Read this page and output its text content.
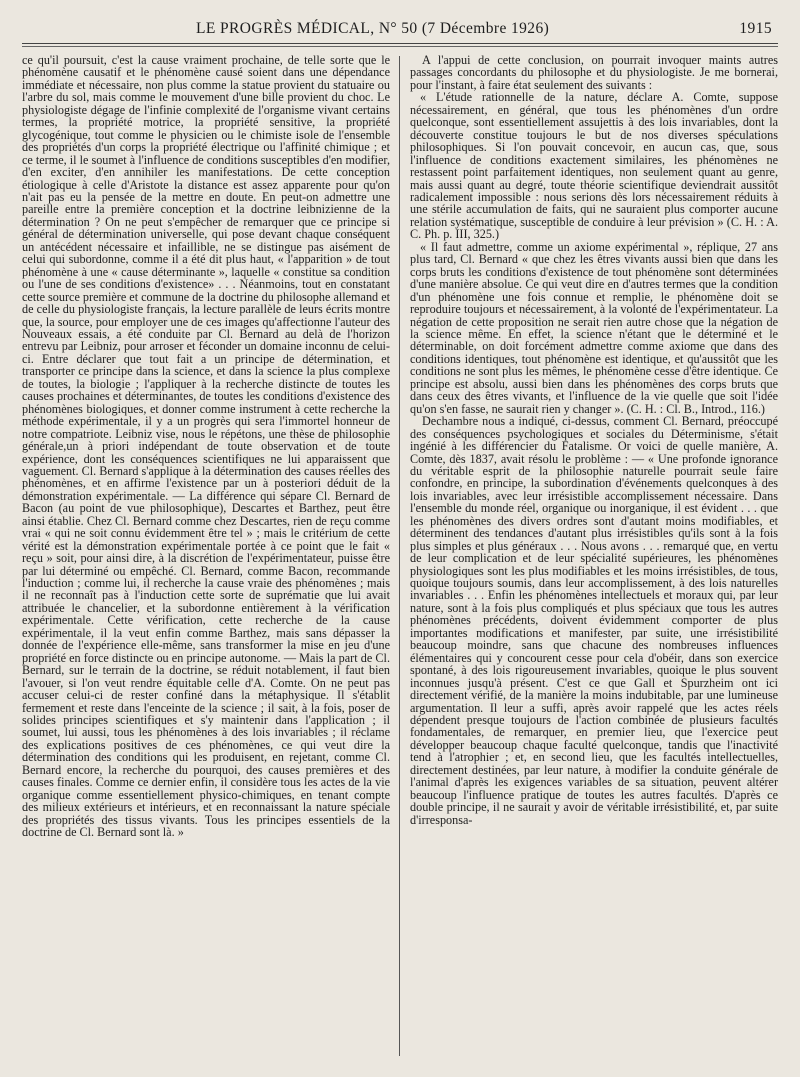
LE PROGRÈS MÉDICAL, N° 50 (7 Décembre 1926)	1915

ce qu'il poursuit, c'est la cause vraiment prochaine, de telle sorte que le phénomène causatif et le phénomène causé soient dans une dépendance immédiate et nécessaire, non plus comme la statue provient du statuaire ou l'arbre du sol, mais comme le mouvement d'une bille provient du choc. Le physiologiste dégage de l'infinie complexité de l'organisme vivant certains termes, la propriété motrice, la propriété sensitive, la propriété glycogénique, tout comme le physicien ou le chimiste isole de l'ensemble des propriétés d'un corps la propriété électrique ou l'affinité chimique ; et ce terme, il le soumet à l'influence de conditions susceptibles d'en modifier, d'en exciter, d'en annihiler les manifestations. De cette conception étiologique à celle d'Aristote la distance est assez apparente pour qu'on n'ait pas eu la pensée de la mettre en doute. En peut-on admettre une pareille entre la première conception et la doctrine leibnizienne de la détermination ? On ne peut s'empêcher de remarquer que ce principe si général de détermination universelle, qui pose devant chaque conséquent un antécédent nécessaire et infaillible, ne se distingue pas aisément de celui qui subordonne, comme il a été dit plus haut, « l'apparition » de tout phénomène à une « cause déterminante », laquelle « constitue sa condition ou l'une de ses conditions d'existence» . . . Néanmoins, tout en constatant cette source première et commune de la doctrine du philosophe allemand et de celle du physiologiste français, la lecture parallèle de leurs écrits montre que, la source, pour employer une de ces images qu'affectionne l'auteur des Nouveaux essais, a été conduite par Cl. Bernard au delà de l'horizon entrevu par Leibniz, pour arroser et féconder un domaine inconnu de celui-ci. Entre déclarer que tout fait a un principe de détermination, et transporter ce principe dans la science, et dans la science la plus complexe de toutes, la biologie ; l'appliquer à la recherche distincte de toutes les causes prochaines et déterminantes, de toutes les conditions d'existence des phénomènes biologiques, et donner comme instrument à cette recherche la méthode expérimentale, il y a un progrès qui sera l'immortel honneur de notre compatriote. Leibniz vise, nous le répétons, une thèse de philosophie générale,un à priori indépendant de toute observation et de toute expérience, dont les conséquences scientifiques ne lui apparaissent que vaguement. Cl. Bernard s'applique à la détermination des causes réelles des phénomènes, et en affirme l'existence par un à posteriori déduit de la démonstration expérimentale. — La différence qui sépare Cl. Bernard de Bacon (au point de vue philosophique), Descartes et Barthez, peut être ainsi établie. Chez Cl. Bernard comme chez Descartes, rien de reçu comme vrai « qui ne soit connu évidemment être tel » ; mais le critérium de cette vérité est la démonstration expérimentale portée à ce point que le fait « reçu » soit, pour ainsi dire, à la discrétion de l'expérimentateur, puisse être par lui déterminé ou empêché. Cl. Bernard, comme Bacon, recommande l'induction ; comme lui, il recherche la cause vraie des phénomènes ; mais il ne reconnaît pas à l'induction cette sorte de suprématie que lui avait attribuée le chancelier, et la subordonne entièrement à la vérification expérimentale. Cette vérification, cette recherche de la cause expérimentale, il la veut enfin comme Barthez, mais sans dépasser la donnée de l'expérience elle-même, sans transformer la mise en jeu d'une propriété en force distincte ou en principe autonome. — Mais la part de Cl. Bernard, sur le terrain de la doctrine, se réduit notablement, il faut bien l'avouer, si l'on veut rendre équitable celle d'A. Comte. On ne peut pas accuser celui-ci de rester confiné dans la métaphysique. Il s'établit fermement et reste dans l'enceinte de la science ; il sait, à la fois, poser de solides principes scientifiques et s'y maintenir dans l'application ; il soumet, lui aussi, tous les phénomènes à des lois invariables ; il réclame des explications positives de ces phénomènes, ce qui veut dire la détermination des conditions qui les produisent, en rejetant, comme Cl. Bernard encore, la recherche du pourquoi, des causes premières et des causes finales. Comme ce dernier enfin, il considère tous les actes de la vie organique comme essentiellement physico-chimiques, en tenant compte des milieux extérieurs et intérieurs, et en reconnaissant la nature spéciale des propriétés des tissus vivants. Tous les principes essentiels de la doctrine de Cl. Bernard sont là. »

A l'appui de cette conclusion, on pourrait invoquer maints autres passages concordants du philosophe et du physiologiste. Je me bornerai, pour l'instant, à faire état seulement des suivants :

« L'étude rationnelle de la nature, déclare A. Comte, suppose nécessairement, en général, que tous les phénomènes d'un ordre quelconque, sont essentiellement assujettis à des lois invariables, dont la découverte constitue toujours le but de nos diverses spéculations philosophiques. Si l'on pouvait concevoir, en aucun cas, que, sous l'influence de conditions exactement similaires, les phénomènes ne restassent point parfaitement identiques, non seulement quant au genre, mais aussi quant au degré, toute théorie scientifique deviendrait aussitôt radicalement impossible : nous serions dès lors nécessairement réduits à une stérile accumulation de faits, qui ne sauraient plus comporter aucune relation systématique, susceptible de conduire à leur prévision » (C. H. : A. C. Ph. p. III, 325.)

« Il faut admettre, comme un axiome expérimental », réplique, 27 ans plus tard, Cl. Bernard « que chez les êtres vivants aussi bien que dans les corps bruts les conditions d'existence de tout phénomène sont déterminées d'une manière absolue. Ce qui veut dire en d'autres termes que la condition d'un phénomène une fois connue et remplie, le phénomène doit se reproduire toujours et nécessairement, à la volonté de l'expérimentateur. La négation de cette proposition ne serait rien autre chose que la négation de la science même. En effet, la science n'étant que le déterminé et le déterminable, on doit forcément admettre comme axiome que dans des conditions identiques, tout phénomène est identique, et qu'aussitôt que les conditions ne sont plus les mêmes, le phénomène cesse d'être identique. Ce principe est absolu, aussi bien dans les phénomènes des corps bruts que dans ceux des êtres vivants, et l'influence de la vie quelle que soit l'idée qu'on s'en fasse, ne saurait rien y changer ». (C. H. : Cl. B., Introd., 116.)

Dechambre nous a indiqué, ci-dessus, comment Cl. Bernard, préoccupé des conséquences psychologiques et sociales du Déterminisme, s'était ingénié à les différencier du Fatalisme. Or voici de quelle manière, A. Comte, dès 1837, avait résolu le problème : — « Une profonde ignorance du véritable esprit de la philosophie naturelle pourrait seule faire confondre, en principe, la subordination d'événements quelconques à des lois invariables, avec leur irrésistible accomplissement nécessaire. Dans l'ensemble du monde réel, organique ou inorganique, il est évident . . . que les phénomènes des divers ordres sont d'autant moins modifiables, et déterminent des tendances d'autant plus irrésistibles qu'ils sont à la fois plus simples et plus généraux . . . Nous avons . . . remarqué que, en vertu de leur complication et de leur spécialité supérieures, les phénomènes physiologiques sont les plus modifiables et les moins irrésistibles, de tous, quoique toujours soumis, dans leur accomplissement, à des lois naturelles invariables . . . Enfin les phénomènes intellectuels et moraux qui, par leur nature, sont à la fois plus compliqués et plus spéciaux que tous les autres phénomènes précédents, doivent évidemment comporter de plus importantes modifications et manifester, par suite, une irrésistibilité beaucoup moindre, sans que chacune des nombreuses influences élémentaires qui y concourent cesse pour cela d'obéir, dans son exercice spontané, à des lois rigoureusement invariables, quoique le plus souvent inconnues jusqu'à présent. C'est ce que Gall et Spurzheim ont ici directement vérifié, de la manière la moins indubitable, par une lumineuse argumentation. Il leur a suffi, après avoir rappelé que les actes réels dépendent presque toujours de l'action combinée de plusieurs facultés fondamentales, de remarquer, en premier lieu, que l'exercice peut développer beaucoup chaque faculté quelconque, tandis que l'inactivité tend à l'atrophier ; et, en second lieu, que les facultés intellectuelles, directement destinées, par leur nature, à modifier la conduite générale de l'animal d'après les exigences variables de sa situation, peuvent altérer beaucoup l'influence pratique de toutes les autres facultés. D'après ce double principe, il ne saurait y avoir de véritable irrésistibilité, et, par suite d'irresponsa-
